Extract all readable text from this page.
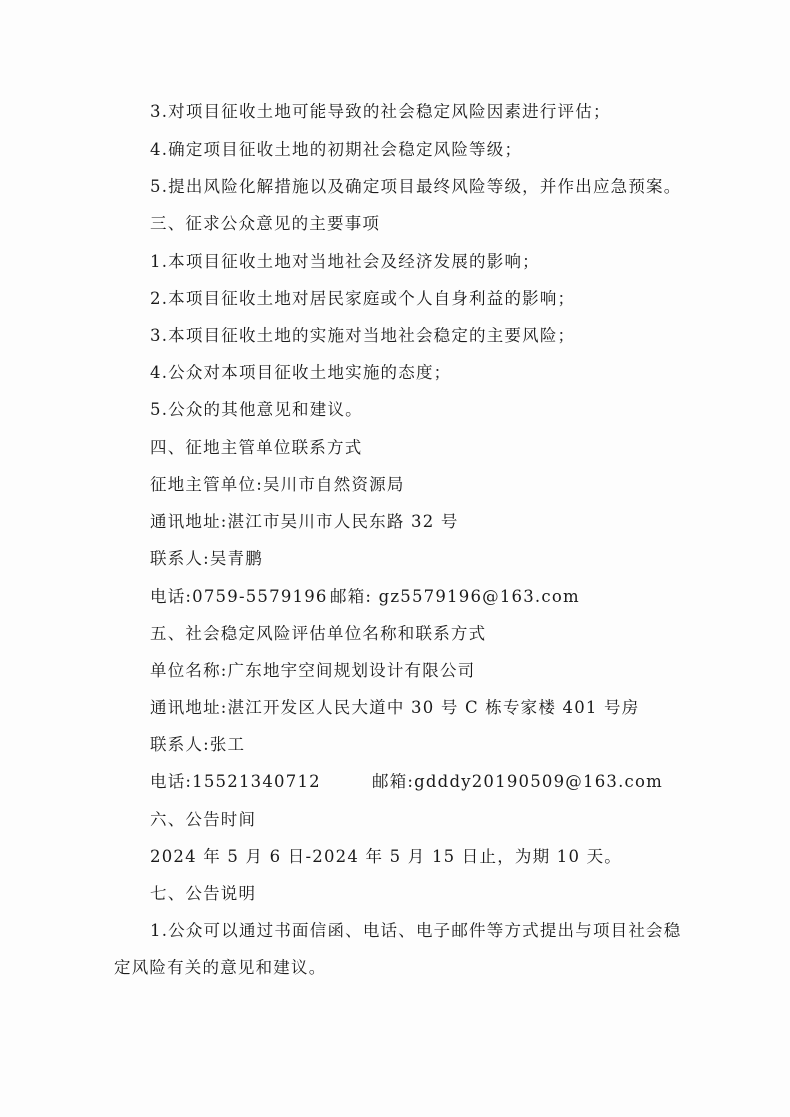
3.对项目征收土地可能导致的社会稳定风险因素进行评估；
4.确定项目征收土地的初期社会稳定风险等级；
5.提出风险化解措施以及确定项目最终风险等级，并作出应急预案。
三、征求公众意见的主要事项
1.本项目征收土地对当地社会及经济发展的影响；
2.本项目征收土地对居民家庭或个人自身利益的影响；
3.本项目征收土地的实施对当地社会稳定的主要风险；
4.公众对本项目征收土地实施的态度；
5.公众的其他意见和建议。
四、征地主管单位联系方式
征地主管单位:吴川市自然资源局
通讯地址:湛江市吴川市人民东路 32 号
联系人:吴青鹏
电话:0759-5579196 邮箱: gz5579196@163.com
五、社会稳定风险评估单位名称和联系方式
单位名称:广东地宇空间规划设计有限公司
通讯地址:湛江开发区人民大道中 30 号 C 栋专家楼 401 号房
联系人:张工
电话:15521340712	邮箱:gdddy20190509@163.com
六、公告时间
2024 年 5 月 6 日-2024 年 5 月 15 日止，为期 10 天。
七、公告说明
1.公众可以通过书面信函、电话、电子邮件等方式提出与项目社会稳
定风险有关的意见和建议。
